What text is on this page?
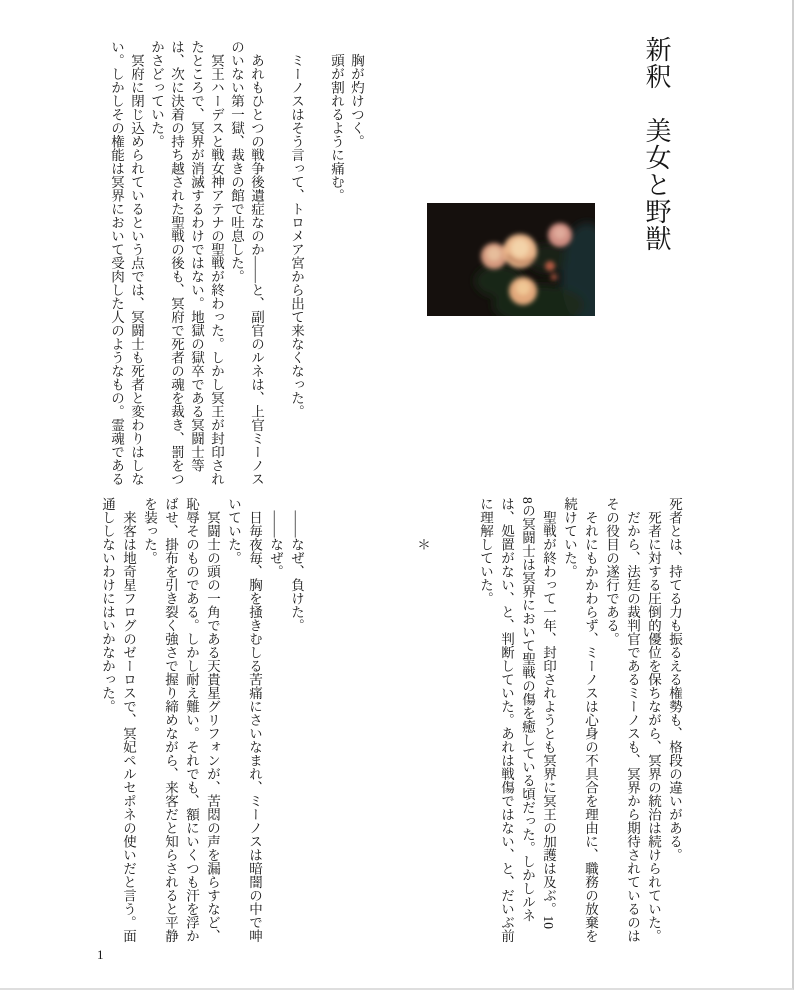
新釈　美女と野獣

　胸が灼けつく。

　頭が割れるように痛む。

　ミーノスはそう言って、トロメア宮から出て来なくなった。

　あれもひとつの戦争後遺症なのか――と、副官のルネは、上官ミーノス

のいない第一獄、裁きの館で吐息した。

　冥王ハーデスと戦女神アテナの聖戦が終わった。しかし冥王が封印され

たところで、冥界が消滅するわけではない。地獄の獄卒である冥闘士等

は、次に決着の持ち越された聖戦の後も、冥府で死者の魂を裁き、罰をつ

かさどっていた。

　冥府に閉じ込められているという点では、冥闘士も死者と変わりはしな

い。しかしその権能は冥界において受肉した人のようなもの。霊魂である

死者とは、持てる力も振るえる権勢も、格段の違いがある。

　死者に対する圧倒的優位を保ちながら、冥界の統治は続けられていた。

　だから、法廷の裁判官であるミーノスも、冥界から期待されているのは

その役目の遂行である。

　それにもかかわらず、ミーノスは心身の不具合を理由に、職務の放棄を

続けていた。

　聖戦が終わって一年、封印されようとも冥界に冥王の加護は及ぶ。10

8の冥闘士は冥界において聖戦の傷を癒している頃だった。しかしルネ

は、処置がない、と、判断していた。あれは戦傷ではない、と、だいぶ前

に理解していた。

　　　＊

　――なぜ、負けた。

　――なぜ。

　日毎夜毎、胸を掻きむしる苦痛にさいなまれ、ミーノスは暗闇の中で呻

いていた。

　冥闘士の頭の一角である天貴星グリフォンが、苦悶の声を漏らすなど、

恥辱そのものである。しかし耐え難い。それでも、額にいくつも汗を浮か

ばせ、掛布を引き裂く強さで握り締めながら、来客だと知らされると平静

を装った。

　来客は地奇星フログのゼーロスで、冥妃ペルセポネの使いだと言う。面

通ししないわけにはいかなかった。

1
